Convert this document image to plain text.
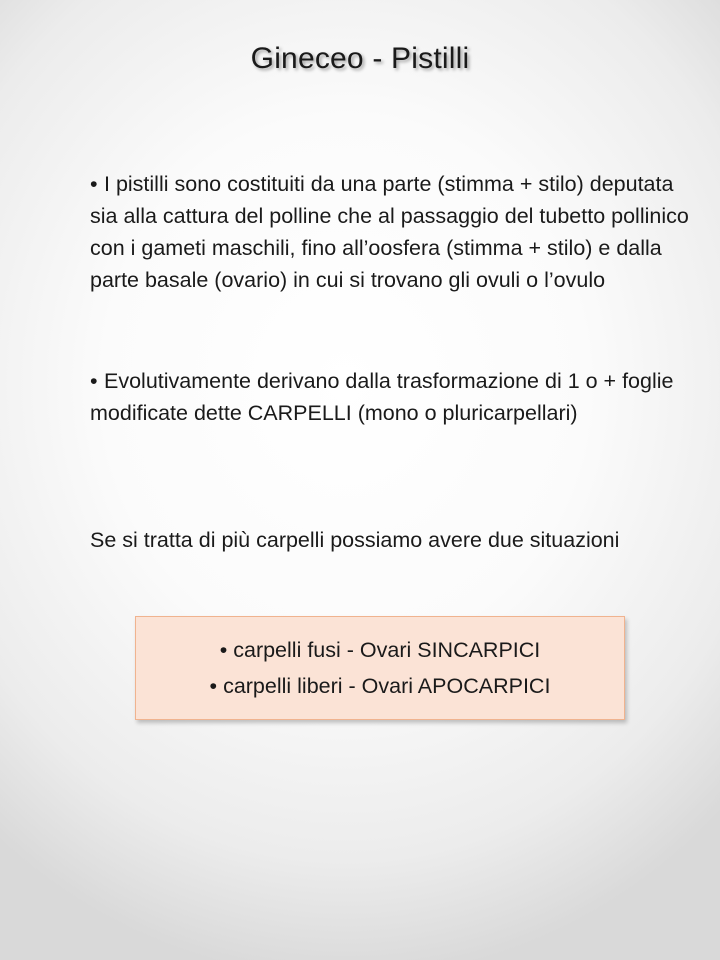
Gineceo - Pistilli

• I pistilli sono costituiti da una parte (stimma + stilo) deputata sia alla cattura del polline che al passaggio del tubetto pollinico con i gameti maschili, fino all’oosfera (stimma + stilo) e dalla parte basale (ovario) in cui si trovano gli ovuli o l’ovulo

• Evolutivamente derivano dalla trasformazione di 1 o + foglie modificate dette CARPELLI (mono o pluricarpellari)

Se si tratta di più carpelli possiamo avere due situazioni

• carpelli fusi - Ovari SINCARPICI
• carpelli liberi - Ovari APOCARPICI
